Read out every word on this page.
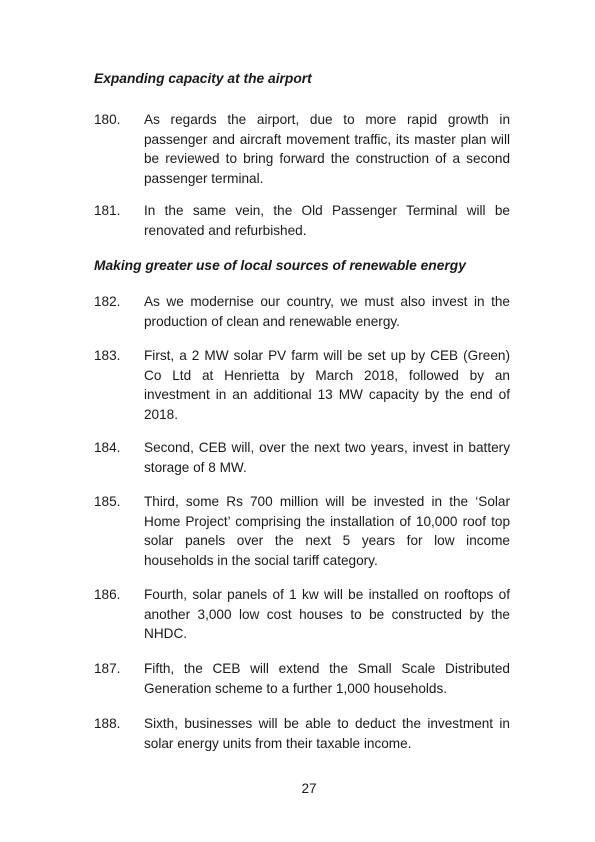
Expanding capacity at the airport
180.	As regards the airport, due to more rapid growth in passenger and aircraft movement traffic, its master plan will be reviewed to bring forward the construction of a second passenger terminal.
181.	In the same vein, the Old Passenger Terminal will be renovated and refurbished.
Making greater use of local sources of renewable energy
182.	As we modernise our country, we must also invest in the production of clean and renewable energy.
183.	First, a 2 MW solar PV farm will be set up by CEB (Green) Co Ltd at Henrietta by March 2018, followed by an investment in an additional 13 MW capacity by the end of 2018.
184.	Second, CEB will, over the next two years, invest in battery storage of 8 MW.
185.	Third, some Rs 700 million will be invested in the ‘Solar Home Project’ comprising the installation of 10,000 roof top solar panels over the next 5 years for low income households in the social tariff category.
186.	Fourth, solar panels of 1 kw will be installed on rooftops of another 3,000 low cost houses to be constructed by the NHDC.
187.	Fifth, the CEB will extend the Small Scale Distributed Generation scheme to a further 1,000 households.
188.	Sixth, businesses will be able to deduct the investment in solar energy units from their taxable income.
27
